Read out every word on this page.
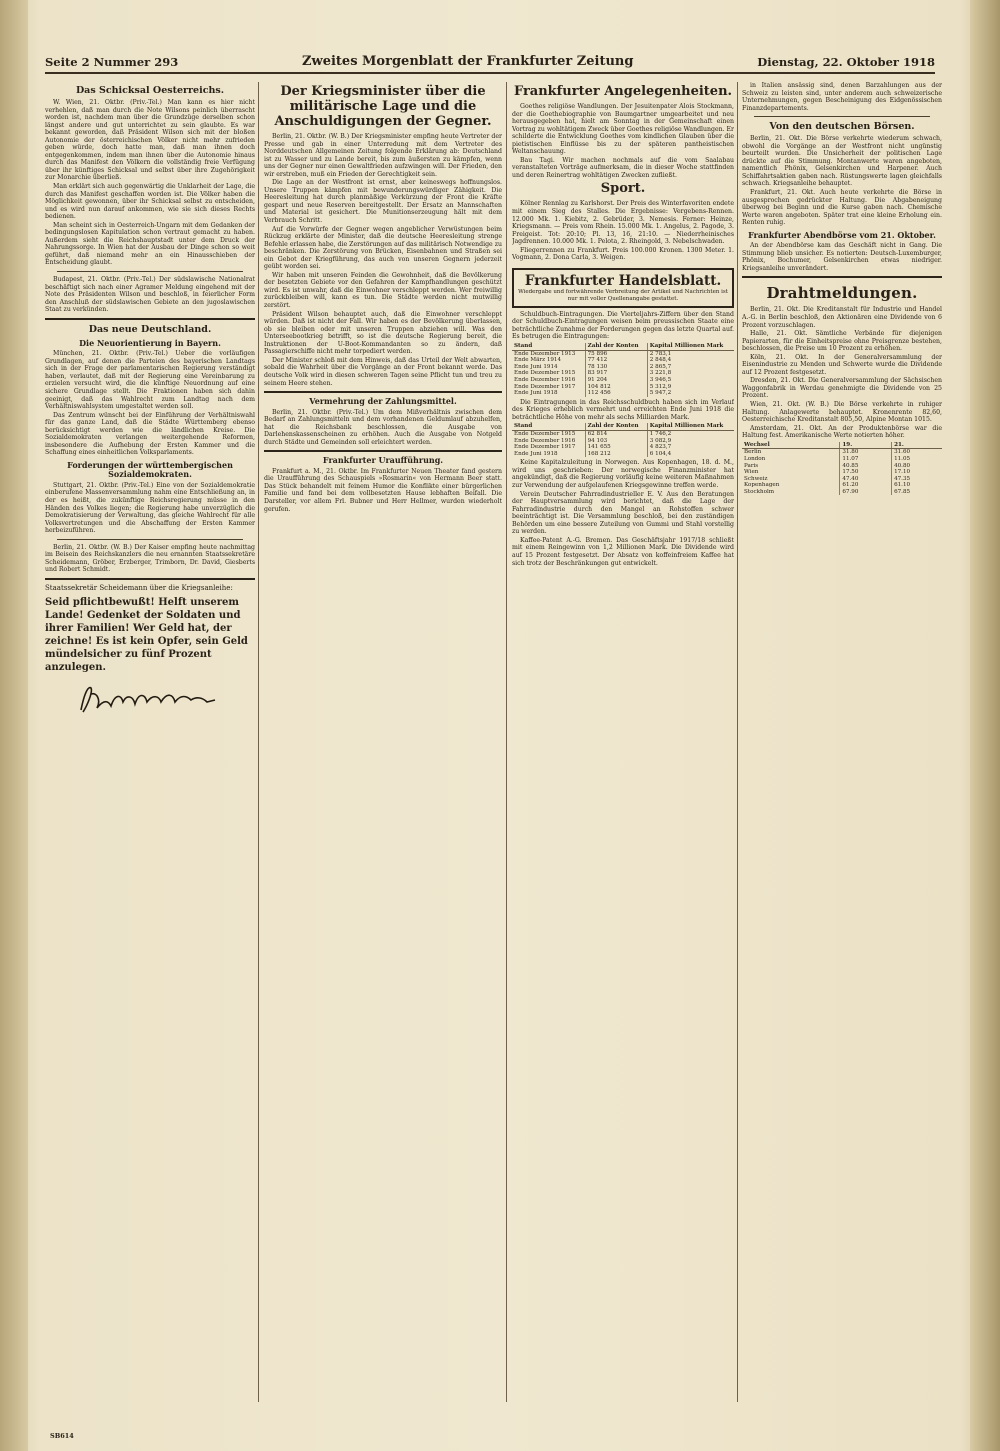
Seite 2 Nummer 293	Zweites Morgenblatt der Frankfurter Zeitung	Dienstag, 22. Oktober 1918
Das Schicksal Oesterreichs.

W. Wien, 21. Oktbr. (Priv.-Tel.) Man kann es hier nicht verhehlen, daß man durch die Note Wilsons peinlich überrascht worden ist, nachdem man über die Grundzüge derselben schon längst andere und gut unterrichtet zu sein glaubte. Es war bekannt geworden, daß Präsident Wilson sich mit der bloßen Autonomie der österreichischen Völker nicht mehr zufrieden geben würde, doch hatte man, daß man ihnen doch entgegenkommen, indem man ihnen über die Autonomie hinaus durch das Manifest den Völkern die vollständig freie Verfügung über ihr künftiges Schicksal und selbst über ihre Zugehörigkeit zur Monarchie überließ.

Man erklärt sich auch gegenwärtig die Unklarheit der Lage, die durch das Manifest geschaffen worden ist. Die Völker haben die Möglichkeit gewonnen, über ihr Schicksal selbst zu entscheiden, und es wird nun darauf ankommen, wie sie sich dieses Rechts bedienen.

Man scheint sich in Oesterreich-Ungarn mit dem Gedanken der bedingungslosen Kapitulation schon vertraut gemacht zu haben. Außerdem sieht die Reichshauptstadt unter dem Druck der Nahrungssorge. In Wien hat der Ausbau der Dinge schon so weit geführt, daß niemand mehr an ein Hinausschieben der Entscheidung glaubt.

Budapest, 21. Oktbr. (Priv.-Tel.) Der südslawische Nationalrat beschäftigt sich nach einer Agramer Meldung eingehend mit der Note des Präsidenten Wilson und beschloß, in feierlicher Form den Anschluß der südslawischen Gebiete an den jugoslawischen Staat zu verkünden.

Das neue Deutschland.
Die Neuorientierung in Bayern.

München, 21. Oktbr. (Priv.-Tel.) Ueber die vorläufigen Grundlagen, auf denen die Parteien des bayerischen Landtags sich in der Frage der parlamentarischen Regierung verständigt haben, verlautet, daß mit der Regierung eine Vereinbarung zu erzielen versucht wird, die die künftige Neuordnung auf eine sichere Grundlage stellt. Die Fraktionen haben sich dahin geeinigt, daß das Wahlrecht zum Landtag nach dem Verhältniswahlsystem umgestaltet werden soll.

Das Zentrum wünscht bei der Einführung der Verhältniswahl für das ganze Land, daß die Städte Württemberg ebenso berücksichtigt werden wie die ländlichen Kreise. Die Sozialdemokraten verlangen weitergehende Reformen, insbesondere die Aufhebung der Ersten Kammer und die Schaffung eines einheitlichen Volksparlaments.

Forderungen der württembergischen Sozialdemokraten.

Stuttgart, 21. Oktbr. (Priv.-Tel.) Eine von der Sozialdemokratie einberufene Massenversammlung nahm eine Entschließung an, in der es heißt, die zukünftige Reichsregierung müsse in den Händen des Volkes liegen; die Regierung habe unverzüglich die Demokratisierung der Verwaltung, das gleiche Wahlrecht für alle Volksvertretungen und die Abschaffung der Ersten Kammer herbeizuführen.

Berlin, 21. Oktbr. (W. B.) Der Kaiser empfing heute nachmittag im Beisein des Reichskanzlers die neu ernannten Staatssekretäre Scheidemann, Gröber, Erzberger, Trimborn, Dr. David, Giesberts und Robert Schmidt.

Staatssekretär Scheidemann über die Kriegsanleihe:

Seid pflichtbewußt! Helft unserem Lande! Gedenket der Soldaten und ihrer Familien! Wer Geld hat, der zeichne! Es ist kein Opfer, sein Geld mündelsicher zu fünf Prozent anzulegen.

Der Kriegsminister über die militärische Lage und die Anschuldigungen der Gegner.

Berlin, 21. Oktbr. (W. B.) Der Kriegsminister empfing heute Vertreter der Presse und gab in einer Unterredung mit dem Vertreter des Norddeutschen Allgemeinen Zeitung folgende Erklärung ab: Deutschland ist zu Wasser und zu Lande bereit, bis zum äußersten zu kämpfen, wenn uns der Gegner nur einen Gewaltfrieden aufzwingen will. Der Frieden, den wir erstreben, muß ein Frieden der Gerechtigkeit sein.

Die Lage an der Westfront ist ernst, aber keineswegs hoffnungslos. Unsere Truppen kämpfen mit bewunderungswürdiger Zähigkeit. Die Heeresleitung hat durch planmäßige Verkürzung der Front die Kräfte gespart und neue Reserven bereitgestellt. Der Ersatz an Mannschaften und Material ist gesichert. Die Munitionserzeugung hält mit dem Verbrauch Schritt.

Auf die Vorwürfe der Gegner wegen angeblicher Verwüstungen beim Rückzug erklärte der Minister, daß die deutsche Heeresleitung strenge Befehle erlassen habe, die Zerstörungen auf das militärisch Notwendige zu beschränken. Die Zerstörung von Brücken, Eisenbahnen und Straßen sei ein Gebot der Kriegführung, das auch von unseren Gegnern jederzeit geübt worden sei.

Wir haben mit unseren Feinden die Gewohnheit, daß die Bevölkerung der besetzten Gebiete vor den Gefahren der Kampfhandlungen geschützt wird. Es ist unwahr, daß die Einwohner verschleppt werden. Wer freiwillig zurückbleiben will, kann es tun. Die Städte werden nicht mutwillig zerstört.

Präsident Wilson behauptet auch, daß die Einwohner verschleppt würden. Daß ist nicht der Fall. Wir haben es der Bevölkerung überlassen, ob sie bleiben oder mit unseren Truppen abziehen will. Was den Unterseebootkrieg betrifft, so ist die deutsche Regierung bereit, die Instruktionen der U-Boot-Kommandanten so zu ändern, daß Passagierschiffe nicht mehr torpediert werden.

Der Minister schloß mit dem Hinweis, daß das Urteil der Welt abwarten, sobald die Wahrheit über die Vorgänge an der Front bekannt werde. Das deutsche Volk wird in diesen schweren Tagen seine Pflicht tun und treu zu seinem Heere stehen.

Vermehrung der Zahlungsmittel.

Berlin, 21. Oktbr. (Priv.-Tel.) Um dem Mißverhältnis zwischen dem Bedarf an Zahlungsmitteln und dem vorhandenen Geldumlauf abzuhelfen, hat die Reichsbank beschlossen, die Ausgabe von Darlehenskassenscheinen zu erhöhen. Auch die Ausgabe von Notgeld durch Städte und Gemeinden soll erleichtert werden.

Frankfurter Uraufführung.

Frankfurt a. M., 21. Oktbr. Im Frankfurter Neuen Theater fand gestern die Uraufführung des Schauspiels »Rosmarin« von Hermann Beer statt. Das Stück behandelt mit feinem Humor die Konflikte einer bürgerlichen Familie und fand bei dem vollbesetzten Hause lebhaften Beifall. Die Darsteller, vor allem Frl. Bubner und Herr Hellmer, wurden wiederholt gerufen.

Frankfurter Angelegenheiten.

Goethes religiöse Wandlungen. Der Jesuitenpater Alois Stockmann, der die Goethebiographie von Baumgartner umgearbeitet und neu herausgegeben hat, hielt am Sonntag in der Gemeinschaft einen Vortrag zu wohltätigem Zweck über Goethes religiöse Wandlungen. Er schilderte die Entwicklung Goethes vom kindlichen Glauben über die pietistischen Einflüsse bis zu der späteren pantheistischen Weltanschauung.

Bau Tagi. Wir machen nochmals auf die vom Saalabau veranstalteten Vorträge aufmerksam, die in dieser Woche stattfinden und deren Reinertrag wohltätigen Zwecken zufließt.

Sport.

Kölner Rennlag zu Karlshorst. Der Preis des Winterfavoriten endete mit einem Sieg des Stalles. Die Ergebnisse: Vergebens-Rennen. 12.000 Mk. 1. Kiebitz, 2. Gebrüder, 3. Nemesis. Ferner: Heinze, Kriegsmann. — Preis vom Rhein. 15.000 Mk. 1. Angelus, 2. Pagode, 3. Freigeist. Tot: 20:10; Pl. 13, 16, 21:10. — Niederrheinisches Jagdrennen. 10.000 Mk. 1. Pelota, 2. Rheingold, 3. Nebelschwaden.

Fliegerrennen zu Frankfurt. Preis 100.000 Kronen. 1300 Meter. 1. Vogmann, 2. Dona Carla, 3. Weigen.

Frankfurter Handelsblatt.
Wiedergabe und fortwährende Verbreitung der Artikel und Nachrichten ist nur mit voller Quellenangabe gestattet.

Schuldbuch-Eintragungen. Die Vierteljahrs-Ziffern über den Stand der Schuldbuch-Eintragungen weisen beim preussischen Staate eine beträchtliche Zunahme der Forderungen gegen das letzte Quartal auf. Es betrugen die Eintragungen:

Stand	Zahl der Konten	Kapital Millionen Mark
Ende Dezember 1913	75 896	2 783,1
Ende März 1914	77 412	2 848,4
Ende Juni 1914	78 130	2 865,7
Ende Dezember 1915	83 917	3 221,8
Ende Dezember 1916	91 204	3 946,5
Ende Dezember 1917	104 812	5 312,9
Ende Juni 1918	112 456	5 947,2

Die Eintragungen in das Reichsschuldbuch haben sich im Verlauf des Krieges erheblich vermehrt und erreichten Ende Juni 1918 die beträchtliche Höhe von mehr als sechs Milliarden Mark.

Stand	Zahl der Konten	Kapital Millionen Mark
Ende Dezember 1915	62 814	1 746,2
Ende Dezember 1916	94 103	3 082,9
Ende Dezember 1917	141 655	4 823,7
Ende Juni 1918	168 212	6 104,4

Keine Kapitalzuleitung in Norwegen. Aus Kopenhagen, 18. d. M., wird uns geschrieben: Der norwegische Finanzminister hat angekündigt, daß die Regierung vorläufig keine weiteren Maßnahmen zur Verwendung der aufgelaufenen Kriegsgewinne treffen werde.

Verein Deutscher Fahrradindustrieller E. V. Aus den Beratungen der Hauptversammlung wird berichtet, daß die Lage der Fahrradindustrie durch den Mangel an Rohstoffen schwer beeinträchtigt ist. Die Versammlung beschloß, bei den zuständigen Behörden um eine bessere Zuteilung von Gummi und Stahl vorstellig zu werden.

Kaffee-Patent A.-G. Bremen. Das Geschäftsjahr 1917/18 schließt mit einem Reingewinn von 1,2 Millionen Mark. Die Dividende wird auf 15 Prozent festgesetzt. Der Absatz von koffeinfreiem Kaffee hat sich trotz der Beschränkungen gut entwickelt.

in Italien ansässig sind, denen Barzahlungen aus der Schweiz zu leisten sind, unter anderem auch schweizerische Unternehmungen, gegen Bescheinigung des Eidgenössischen Finanzdepartements.

Von den deutschen Börsen.

Berlin, 21. Okt. Die Börse verkehrte wiederum schwach, obwohl die Vorgänge an der Westfront nicht ungünstig beurteilt wurden. Die Unsicherheit der politischen Lage drückte auf die Stimmung. Montanwerte waren angeboten, namentlich Phönix, Gelsenkirchen und Harpener. Auch Schiffahrtsaktien gaben nach. Rüstungswerte lagen gleichfalls schwach. Kriegsanleihe behauptet.

Frankfurt, 21. Okt. Auch heute verkehrte die Börse in ausgesprochen gedrückter Haltung. Die Abgabeneigung überwog bei Beginn und die Kurse gaben nach. Chemische Werte waren angeboten. Später trat eine kleine Erholung ein. Renten ruhig.

Frankfurter Abendbörse vom 21. Oktober.

An der Abendbörse kam das Geschäft nicht in Gang. Die Stimmung blieb unsicher. Es notierten: Deutsch-Luxemburger, Phönix, Bochumer, Gelsenkirchen etwas niedriger. Kriegsanleihe unverändert.

Drahtmeldungen.

Berlin, 21. Okt. Die Kreditanstalt für Industrie und Handel A.-G. in Berlin beschloß, den Aktionären eine Dividende von 6 Prozent vorzuschlagen.

Halle, 21. Okt. Sämtliche Verbände für diejenigen Papierarten, für die Einheitspreise ohne Preisgrenze bestehen, beschlossen, die Preise um 10 Prozent zu erhöhen.

Köln, 21. Okt. In der Generalversammlung der Eisenindustrie zu Menden und Schwerte wurde die Dividende auf 12 Prozent festgesetzt.

Dresden, 21. Okt. Die Generalversammlung der Sächsischen Waggonfabrik in Werdau genehmigte die Dividende von 25 Prozent.

Wien, 21. Okt. (W. B.) Die Börse verkehrte in ruhiger Haltung. Anlagewerte behauptet. Kronenrente 82,60, Oesterreichische Kreditanstalt 805,50, Alpine Montan 1015.

Amsterdam, 21. Okt. An der Produktenbörse war die Haltung fest. Amerikanische Werte notierten höher.

Wechsel	19.	21.
Berlin	31.80	31.60
London	11.07	11.05
Paris	40.85	40.80
Wien	17.50	17.10
Schweiz	47.40	47.35
Kopenhagen	61.20	61.10
Stockholm	67.90	67.85
SB614
